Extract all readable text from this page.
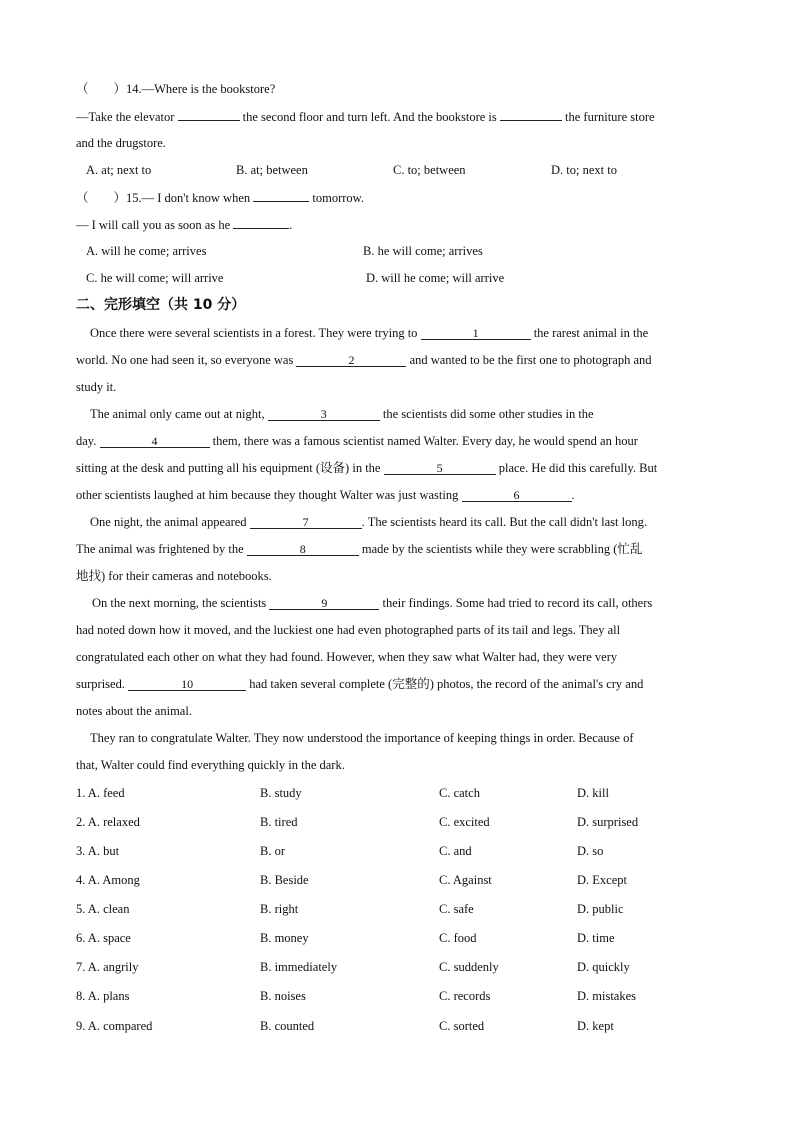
（　　）14.—Where is the bookstore?
—Take the elevator	the second floor and turn left. And the bookstore is	the furniture store
and the drugstore.
A. at; next to	B. at; between	C. to; between	D. to; next to
（　　）15.— I don't know when	tomorrow.
— I will call you as soon as he	.
A. will he come; arrives	B. he will come; arrives
C. he will come; will arrive	D. will he come; will arrive
二、完形填空（共 10 分）
Once there were several scientists in a forest. They were trying to	1	the rarest animal in the
world. No one had seen it, so everyone was	2	and wanted to be the first one to photograph and
study it.
The animal only came out at night,	3	the scientists did some other studies in the
day.	4	them, there was a famous scientist named Walter. Every day, he would spend an hour
sitting at the desk and putting all his equipment (设备) in the	5	place. He did this carefully. But
other scientists laughed at him because they thought Walter was just wasting	6	.
One night, the animal appeared	7	. The scientists heard its call. But the call didn't last long.
The animal was frightened by the	8	made by the scientists while they were scrabbling (忙乱
地找) for their cameras and notebooks.
On the next morning, the scientists	9	their findings. Some had tried to record its call, others
had noted down how it moved, and the luckiest one had even photographed parts of its tail and legs. They all
congratulated each other on what they had found. However, when they saw what Walter had, they were very
surprised.	10	had taken several complete (完整的) photos, the record of the animal's cry and
notes about the animal.
They ran to congratulate Walter. They now understood the importance of keeping things in order. Because of
that, Walter could find everything quickly in the dark.
1. A. feed	B. study	C. catch	D. kill
2. A. relaxed	B. tired	C. excited	D. surprised
3. A. but	B. or	C. and	D. so
4. A. Among	B. Beside	C. Against	D. Except
5. A. clean	B. right	C. safe	D. public
6. A. space	B. money	C. food	D. time
7. A. angrily	B. immediately	C. suddenly	D. quickly
8. A. plans	B. noises	C. records	D. mistakes
9. A. compared	B. counted	C. sorted	D. kept
